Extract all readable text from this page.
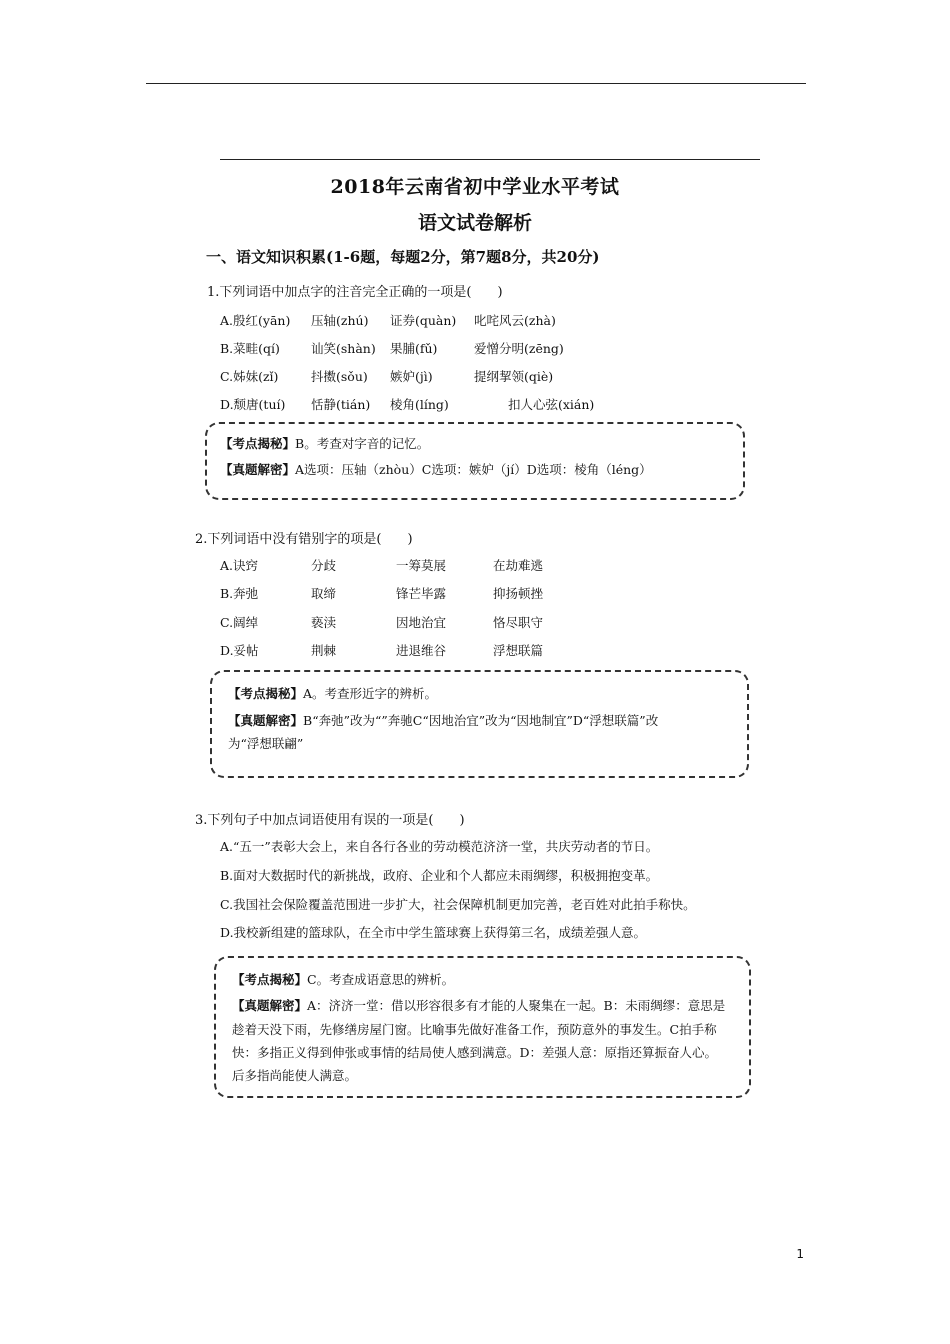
2018年云南省初中学业水平考试
语文试卷解析
一、语文知识积累(1-6题，每题2分，第7题8分，共20分)
1.下列词语中加点字的注音完全正确的一项是(　　)
A.殷红(yān) 压轴(zhú) 证券(quàn) 叱咤风云(zhà)
B.菜畦(qí) 讪笑(shàn) 果脯(fǔ)	爱憎分明(zēng)
C.姊妹(zǐ)	抖擞(sǒu) 嫉妒(jì)	提纲挈领(qiè)
D.颓唐(tuí) 恬静(tián) 棱角(líng)	扣人心弦(xián)
【考点揭秘】B。考查对字音的记忆。
【真题解密】A选项：压轴（zhòu）C选项：嫉妒（jí）D选项：棱角（léng）
2.下列词语中没有错别字的项是(　　)
A.诀窍	分歧	一筹莫展	在劫难逃
B.奔弛	取缔	锋芒毕露	抑扬顿挫
C.阔绰	亵渎	因地治宜	恪尽职守
D.妥帖	荆棘	进退维谷	浮想联篇
【考点揭秘】A。考查形近字的辨析。
【真题解密】B“奔弛”改为“”奔驰C“因地治宜”改为“因地制宜”D“浮想联篇”改
为“浮想联翩”
3.下列句子中加点词语使用有误的一项是(　　)
A.“五一”表彰大会上，来自各行各业的劳动模范济济一堂，共庆劳动者的节日。
B.面对大数据时代的新挑战，政府、企业和个人都应未雨绸缪，积极拥抱变革。
C.我国社会保险覆盖范围进一步扩大，社会保障机制更加完善，老百姓对此拍手称快。
D.我校新组建的篮球队，在全市中学生篮球赛上获得第三名，成绩差强人意。
【考点揭秘】C。考查成语意思的辨析。
【真题解密】A：济济一堂：借以形容很多有才能的人聚集在一起。B：未雨绸缪：意思是
趁着天没下雨，先修缮房屋门窗。比喻事先做好准备工作，预防意外的事发生。C拍手称
快：多指正义得到伸张或事情的结局使人感到满意。D：差强人意：原指还算振奋人心。
后多指尚能使人满意。
1
